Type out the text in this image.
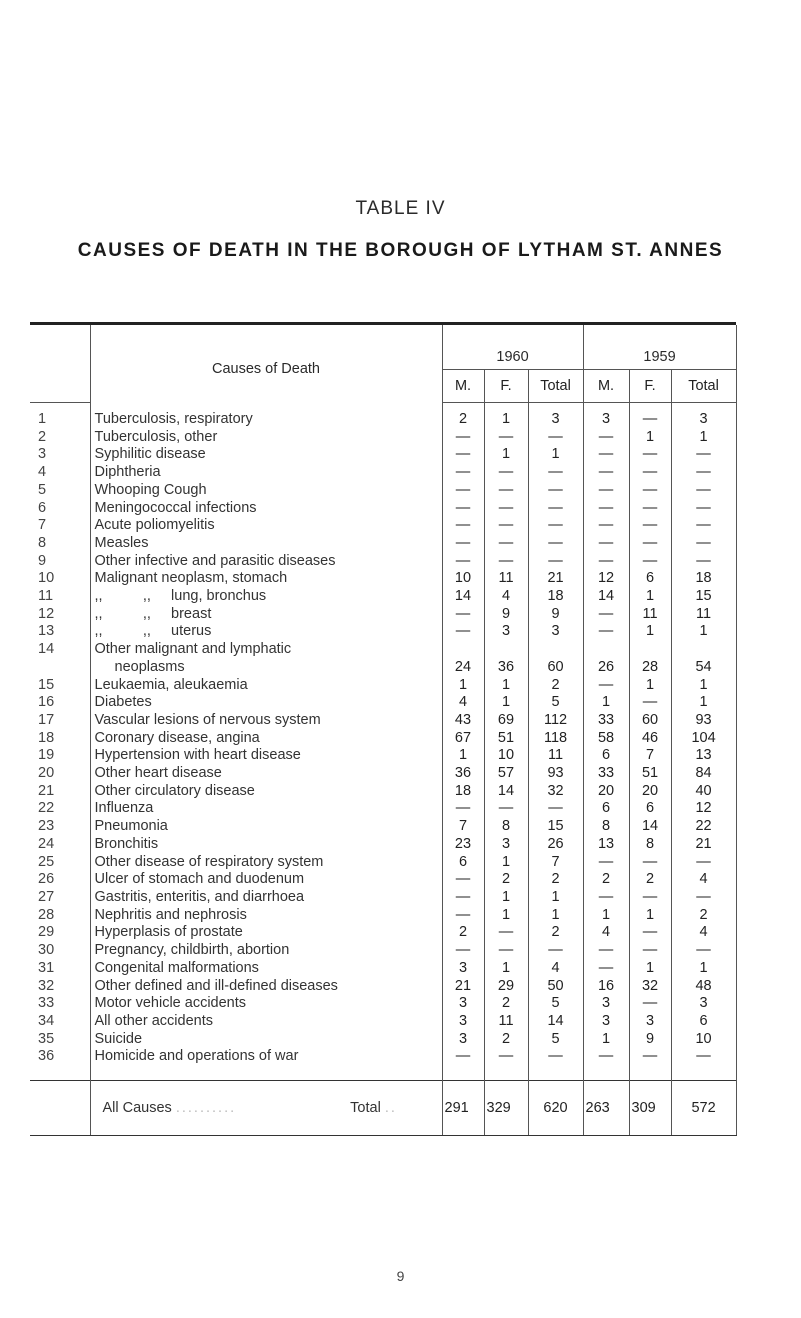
TABLE IV
CAUSES OF DEATH IN THE BOROUGH OF LYTHAM ST. ANNES
	Causes of Death	1960			1959		
		M.	F.	Total	M.	F.	Total

1	Tuberculosis, respiratory	2	1	3	3	—	3
2	Tuberculosis, other	—	—	—	—	1	1
3	Syphilitic disease	—	1	1	—	—	—
4	Diphtheria	—	—	—	—	—	—
5	Whooping Cough	—	—	—	—	—	—
6	Meningococcal infections	—	—	—	—	—	—
7	Acute poliomyelitis	—	—	—	—	—	—
8	Measles	—	—	—	—	—	—
9	Other infective and parasitic diseases	—	—	—	—	—	—
10	Malignant neoplasm, stomach	10	11	21	12	6	18
11	,,          ,,     lung, bronchus	14	4	18	14	1	15
12	,,          ,,     breast	—	9	9	—	11	11
13	,,          ,,     uterus	—	3	3	—	1	1
14	Other malignant and lymphatic						
	neoplasms	24	36	60	26	28	54
15	Leukaemia, aleukaemia	1	1	2	—	1	1
16	Diabetes	4	1	5	1	—	1
17	Vascular lesions of nervous system	43	69	112	33	60	93
18	Coronary disease, angina	67	51	118	58	46	104
19	Hypertension with heart disease	1	10	11	6	7	13
20	Other heart disease	36	57	93	33	51	84
21	Other circulatory disease	18	14	32	20	20	40
22	Influenza	—	—	—	6	6	12
23	Pneumonia	7	8	15	8	14	22
24	Bronchitis	23	3	26	13	8	21
25	Other disease of respiratory system	6	1	7	—	—	—
26	Ulcer of stomach and duodenum	—	2	2	2	2	4
27	Gastritis, enteritis, and diarrhoea	—	1	1	—	—	—
28	Nephritis and nephrosis	—	1	1	1	1	2
29	Hyperplasis of prostate	2	—	2	4	—	4
30	Pregnancy, childbirth, abortion	—	—	—	—	—	—
31	Congenital malformations	3	1	4	—	1	1
32	Other defined and ill-defined diseases	21	29	50	16	32	48
33	Motor vehicle accidents	3	2	5	3	—	3
34	All other accidents	3	11	14	3	3	6
35	Suicide	3	2	5	1	9	10
36	Homicide and operations of war	—	—	—	—	—	—

	All Causes .......... Total ..	291	329	620	263	309	572
9
